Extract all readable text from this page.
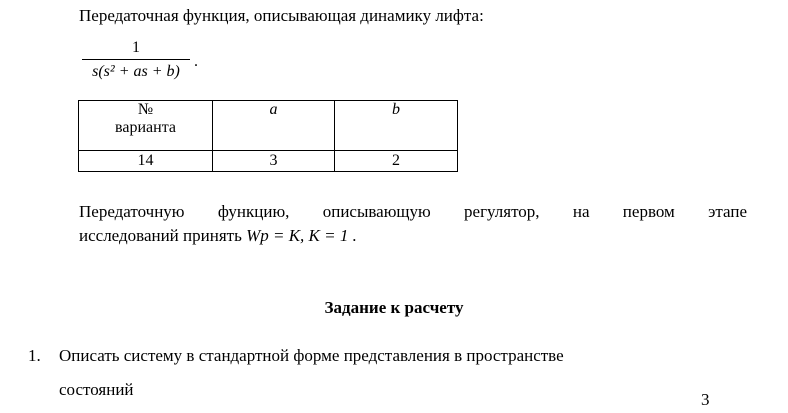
Передаточная функция, описывающая динамику лифта:
1
s(s² + as + b)
.
№
варианта	a	b
14	3	2
Передаточную функцию, описывающую регулятор, на первом этапе
исследований принять Wр = K, K = 1 .
Задание к расчету
1. Описать систему в стандартной форме представления в пространстве
состояний
3
